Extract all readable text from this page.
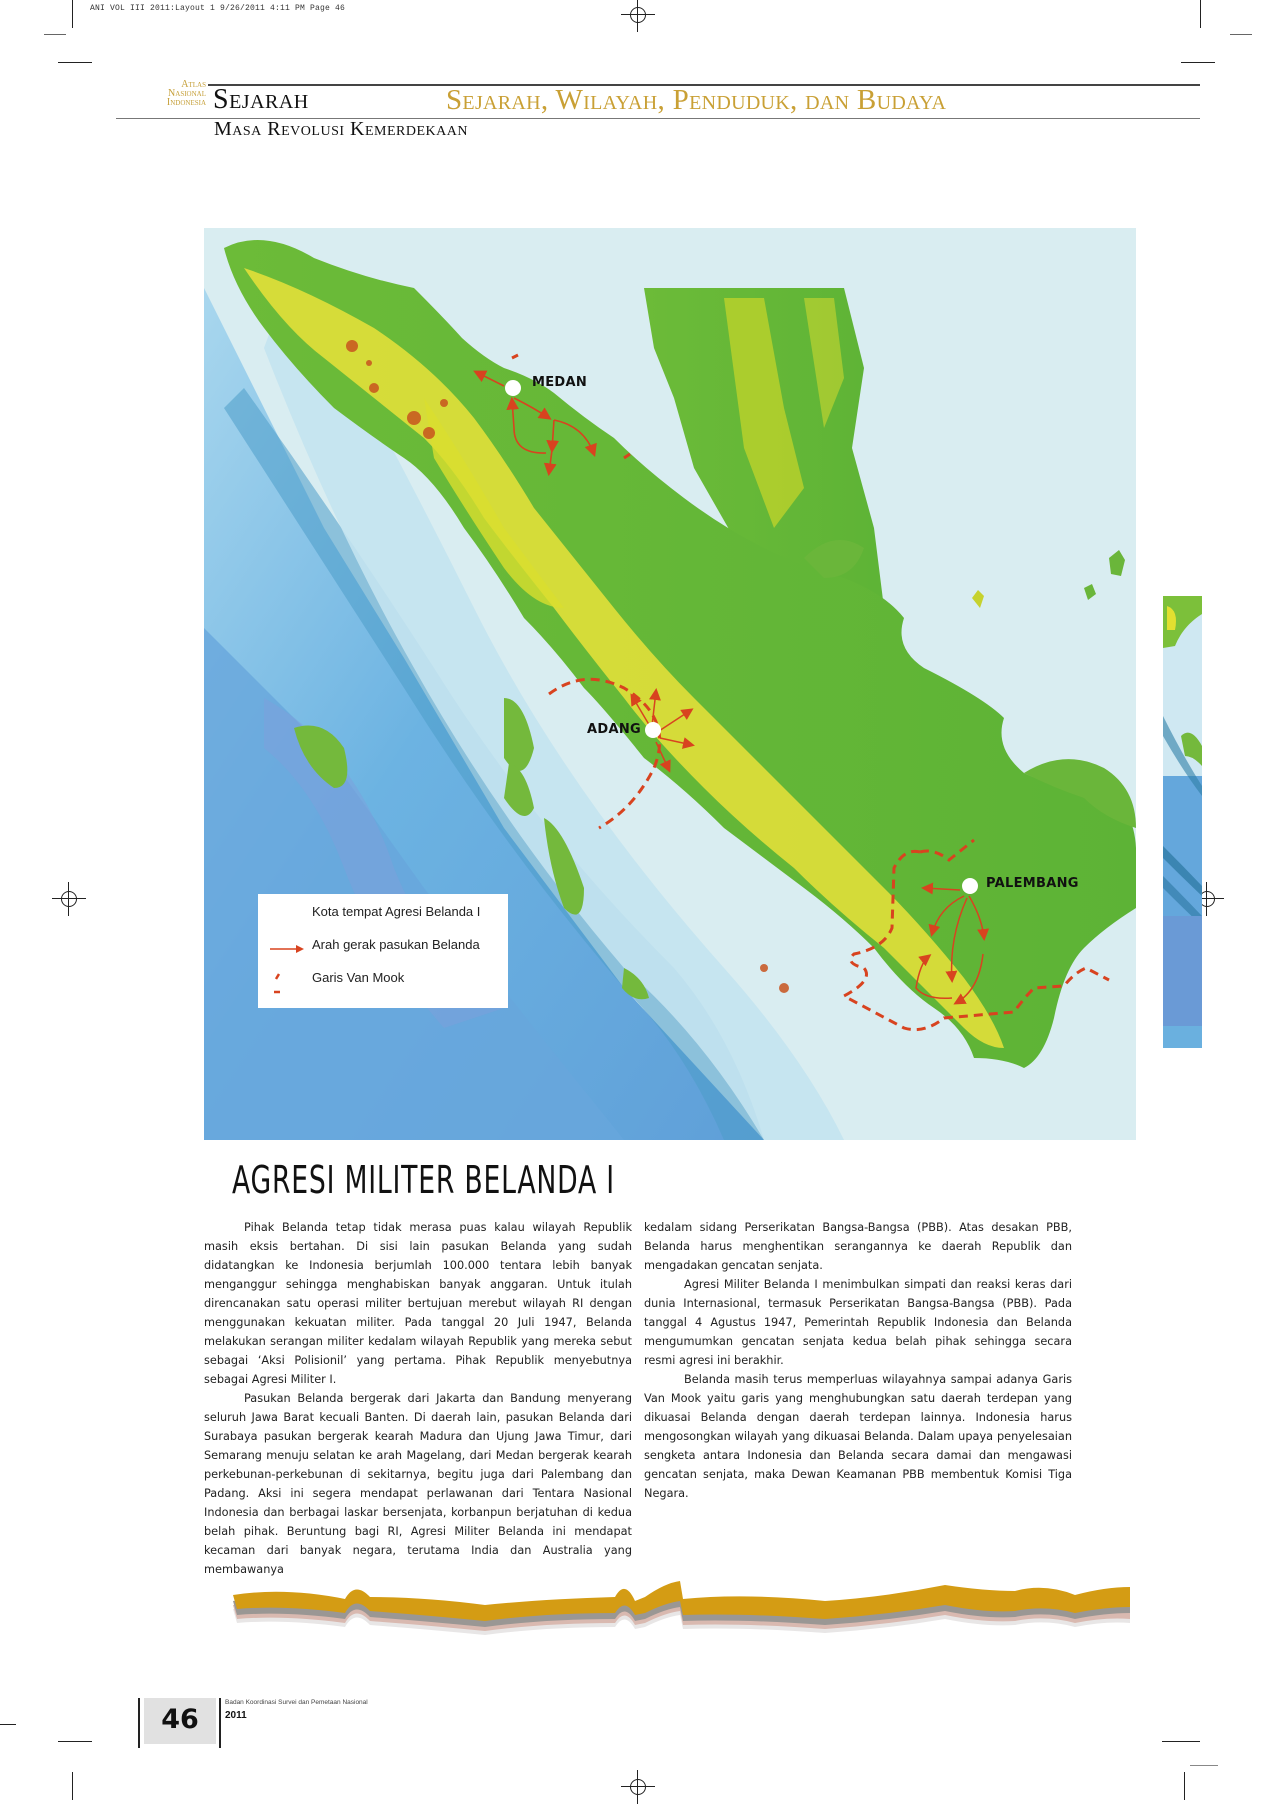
ANI VOL III 2011:Layout 1 9/26/2011 4:11 PM Page 46
Atlas
Nasional
Indonesia Sejarah	Sejarah, Wilayah, Penduduk, dan Budaya
Masa Revolusi Kemerdekaan
MEDAN
ADANG
PALEMBANG
Kota tempat Agresi Belanda I
Arah gerak pasukan Belanda
Garis Van Mook
AGRESI MILITER BELANDA I

Pihak Belanda tetap tidak merasa puas kalau wilayah Republik masih eksis bertahan. Di sisi lain pasukan Belanda yang sudah didatangkan ke Indonesia berjumlah 100.000 tentara lebih banyak menganggur sehingga menghabiskan banyak anggaran. Untuk itulah direncanakan satu operasi militer bertujuan merebut wilayah RI dengan menggunakan kekuatan militer. Pada tanggal 20 Juli 1947, Belanda melakukan serangan militer kedalam wilayah Republik yang mereka sebut sebagai ‘Aksi Polisionil’ yang pertama. Pihak Republik menyebutnya sebagai Agresi Militer I.

Pasukan Belanda bergerak dari Jakarta dan Bandung menyerang seluruh Jawa Barat kecuali Banten. Di daerah lain, pasukan Belanda dari Surabaya pasukan bergerak kearah Madura dan Ujung Jawa Timur, dari Semarang menuju selatan ke arah Magelang, dari Medan bergerak kearah perkebunan-perkebunan di sekitarnya, begitu juga dari Palembang dan Padang. Aksi ini segera mendapat perlawanan dari Tentara Nasional Indonesia dan berbagai laskar bersenjata, korbanpun berjatuhan di kedua belah pihak. Beruntung bagi RI, Agresi Militer Belanda ini mendapat kecaman dari banyak negara, terutama India dan Australia yang membawanya

kedalam sidang Perserikatan Bangsa-Bangsa (PBB). Atas desakan PBB, Belanda harus menghentikan serangannya ke daerah Republik dan mengadakan gencatan senjata.

Agresi Militer Belanda I menimbulkan simpati dan reaksi keras dari dunia Internasional, termasuk Perserikatan Bangsa-Bangsa (PBB). Pada tanggal 4 Agustus 1947, Pemerintah Republik Indonesia dan Belanda mengumumkan gencatan senjata kedua belah pihak sehingga secara resmi agresi ini berakhir.

Belanda masih terus memperluas wilayahnya sampai adanya Garis Van Mook yaitu garis yang menghubungkan satu daerah terdepan yang dikuasai Belanda dengan daerah terdepan lainnya. Indonesia harus mengosongkan wilayah yang dikuasai Belanda. Dalam upaya penyelesaian sengketa antara Indonesia dan Belanda secara damai dan mengawasi gencatan senjata, maka Dewan Keamanan PBB membentuk Komisi Tiga Negara.

46
Badan Koordinasi Survei dan Pemetaan Nasional
2011
